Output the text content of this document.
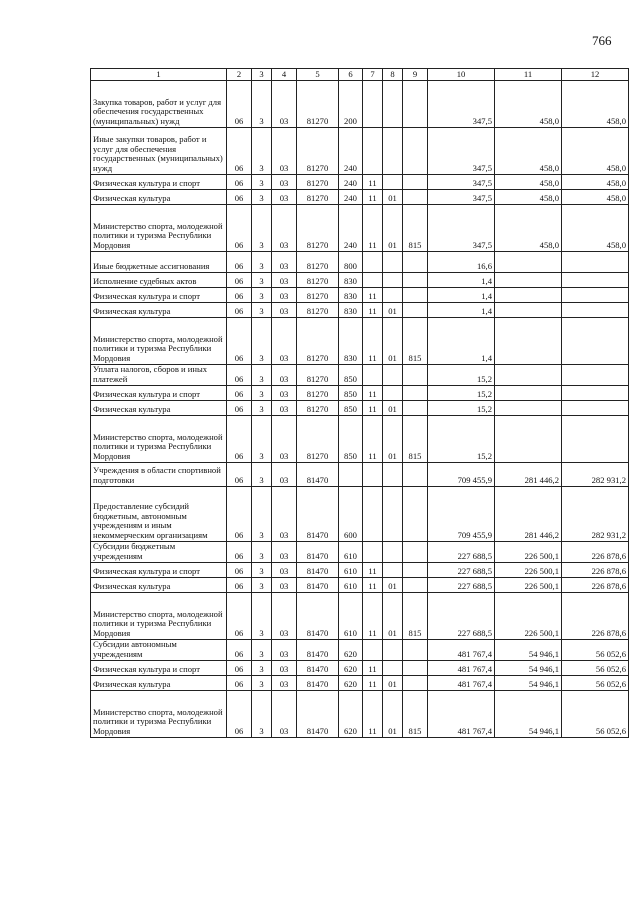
766
1	2	3	4	5	6	7	8	9	10	11	12
Закупка товаров, работ и услуг для обеспечения государственных (муниципальных) нужд	06	3	03	81270	200				347,5	458,0	458,0
Иные закупки товаров, работ и услуг для обеспечения государственных (муниципальных) нужд	06	3	03	81270	240				347,5	458,0	458,0
Физическая культура и спорт	06	3	03	81270	240	11			347,5	458,0	458,0
Физическая культура	06	3	03	81270	240	11	01		347,5	458,0	458,0
Министерство спорта, молодежной политики и туризма Республики Мордовия	06	3	03	81270	240	11	01	815	347,5	458,0	458,0
Иные бюджетные ассигнования	06	3	03	81270	800				16,6		
Исполнение судебных актов	06	3	03	81270	830				1,4		
Физическая культура и спорт	06	3	03	81270	830	11			1,4		
Физическая культура	06	3	03	81270	830	11	01		1,4		
Министерство спорта, молодежной политики и туризма Республики Мордовия	06	3	03	81270	830	11	01	815	1,4		
Уплата налогов, сборов и иных платежей	06	3	03	81270	850				15,2		
Физическая культура и спорт	06	3	03	81270	850	11			15,2		
Физическая культура	06	3	03	81270	850	11	01		15,2		
Министерство спорта, молодежной политики и туризма Республики Мордовия	06	3	03	81270	850	11	01	815	15,2		
Учреждения в области спортивной подготовки	06	3	03	81470					709 455,9	281 446,2	282 931,2
Предоставление субсидий бюджетным, автономным учреждениям и иным некоммерческим организациям	06	3	03	81470	600				709 455,9	281 446,2	282 931,2
Субсидии бюджетным учреждениям	06	3	03	81470	610				227 688,5	226 500,1	226 878,6
Физическая культура и спорт	06	3	03	81470	610	11			227 688,5	226 500,1	226 878,6
Физическая культура	06	3	03	81470	610	11	01		227 688,5	226 500,1	226 878,6
Министерство спорта, молодежной политики и туризма Республики Мордовия	06	3	03	81470	610	11	01	815	227 688,5	226 500,1	226 878,6
Субсидии автономным учреждениям	06	3	03	81470	620				481 767,4	54 946,1	56 052,6
Физическая культура и спорт	06	3	03	81470	620	11			481 767,4	54 946,1	56 052,6
Физическая культура	06	3	03	81470	620	11	01		481 767,4	54 946,1	56 052,6
Министерство спорта, молодежной политики и туризма Республики Мордовия	06	3	03	81470	620	11	01	815	481 767,4	54 946,1	56 052,6
